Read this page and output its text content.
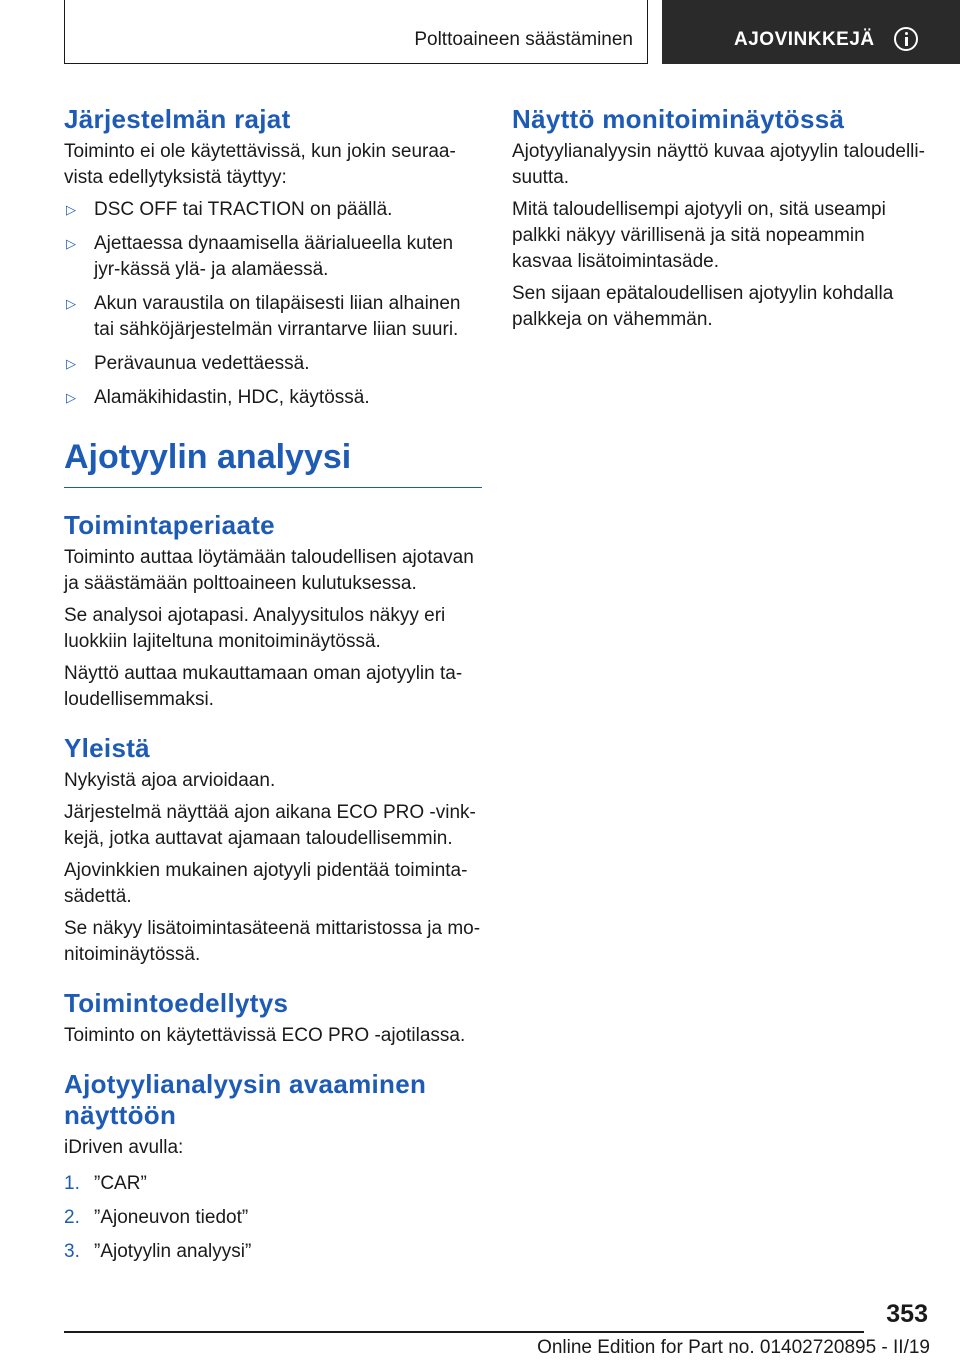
Polttoaineen säästäminen	AJOVINKKEJÄ
Järjestelmän rajat

Toiminto ei ole käytettävissä, kun jokin seuraa-vista edellytyksistä täyttyy:

▷ DSC OFF tai TRACTION on päällä.
▷ Ajettaessa dynaamisella äärialueella kuten jyr-kässä ylä- ja alamäessä.
▷ Akun varaustila on tilapäisesti liian alhainen tai sähköjärjestelmän virrantarve liian suuri.
▷ Perävaunua vedettäessä.
▷ Alamäkihidastin, HDC, käytössä.
Ajotyylin analyysi
Toimintaperiaate

Toiminto auttaa löytämään taloudellisen ajotavan ja säästämään polttoaineen kulutuksessa.

Se analysoi ajotapasi. Analyysitulos näkyy eri luokkiin lajiteltuna monitoiminäytössä.

Näyttö auttaa mukauttamaan oman ajotyylin ta-loudellisemmaksi.

Yleistä

Nykyistä ajoa arvioidaan.

Järjestelmä näyttää ajon aikana ECO PRO -vink-kejä, jotka auttavat ajamaan taloudellisemmin.

Ajovinkkien mukainen ajotyyli pidentää toiminta-sädettä.

Se näkyy lisätoimintasäteenä mittaristossa ja mo-nitoiminäytössä.

Toimintoedellytys

Toiminto on käytettävissä ECO PRO -ajotilassa.

Ajotyylianalyysin avaaminen näyttöön

iDriven avulla:

1. ”CAR”
2. ”Ajoneuvon tiedot”
3. ”Ajotyylin analyysi”
Näyttö monitoiminäytössä

Ajotyylianalyysin näyttö kuvaa ajotyylin taloudelli-suutta.

Mitä taloudellisempi ajotyyli on, sitä useampi palkki näkyy värillisenä ja sitä nopeammin kasvaa lisätoimintasäde.

Sen sijaan epätaloudellisen ajotyylin kohdalla palkkeja on vähemmän.

353
Online Edition for Part no. 01402720895 - II/19
